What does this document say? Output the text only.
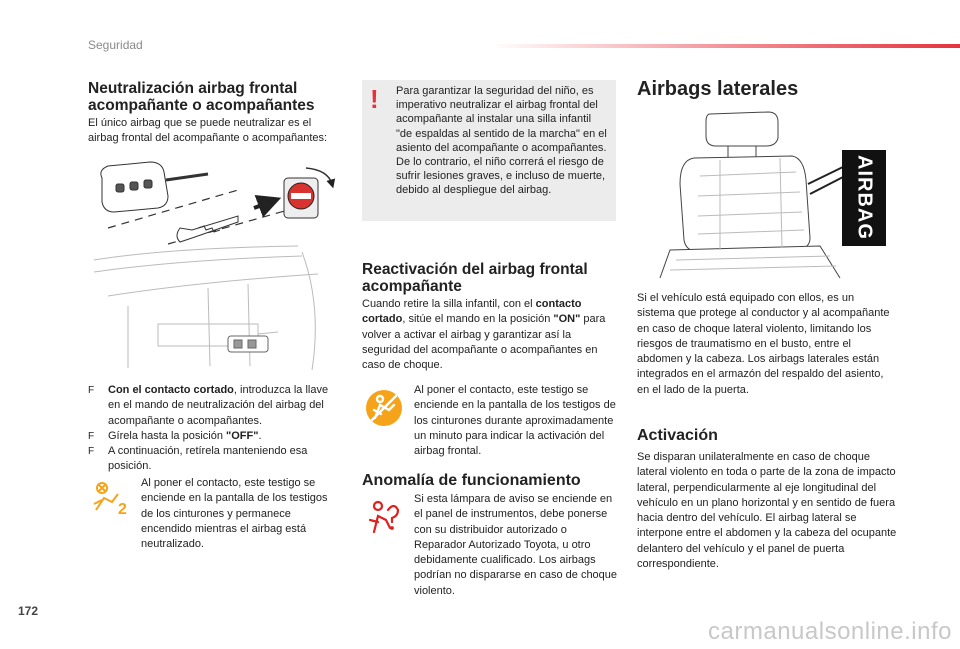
Seguridad
Neutralización airbag frontal acompañante o acompañantes

El único airbag que se puede neutralizar es el airbag frontal del acompañante o acompañantes:

F Con el contacto cortado, introduzca la llave en el mando de neutralización del airbag del acompañante o acompañantes.
F Gírela hasta la posición "OFF".
F A continuación, retírela manteniendo esa posición.
2

Al poner el contacto, este testigo se enciende en la pantalla de los testigos de los cinturones y permanece encendido mientras el airbag está neutralizado.

! Para garantizar la seguridad del niño, es imperativo neutralizar el airbag frontal del acompañante al instalar una silla infantil "de espaldas al sentido de la marcha" en el asiento del acompañante o acompañantes. De lo contrario, el niño correrá el riesgo de sufrir lesiones graves, e incluso de muerte, debido al despliegue del airbag.
Reactivación del airbag frontal acompañante

Cuando retire la silla infantil, con el contacto cortado, sitúe el mando en la posición "ON" para volver a activar el airbag y garantizar así la seguridad del acompañante o acompañantes en caso de choque.

Al poner el contacto, este testigo se enciende en la pantalla de los testigos de los cinturones durante aproximadamente un minuto para indicar la activación del airbag frontal.

Anomalía de funcionamiento

Si esta lámpara de aviso se enciende en el panel de instrumentos, debe ponerse con su distribuidor autorizado o Reparador Autorizado Toyota, u otro debidamente cualificado. Los airbags podrían no dispararse en caso de choque violento.

Airbags laterales
AIRBAG

Si el vehículo está equipado con ellos, es un sistema que protege al conductor y al acompañante en caso de choque lateral violento, limitando los riesgos de traumatismo en el busto, entre el abdomen y la cabeza. Los airbags laterales están integrados en el armazón del respaldo del asiento, en el lado de la puerta.

Activación

Se disparan unilateralmente en caso de choque lateral violento en toda o parte de la zona de impacto lateral, perpendicularmente al eje longitudinal del vehículo en un plano horizontal y en sentido de fuera hacia dentro del vehículo. El airbag lateral se interpone entre el abdomen y la cabeza del ocupante delantero del vehículo y el panel de puerta correspondiente.

172
carmanualsonline.info
